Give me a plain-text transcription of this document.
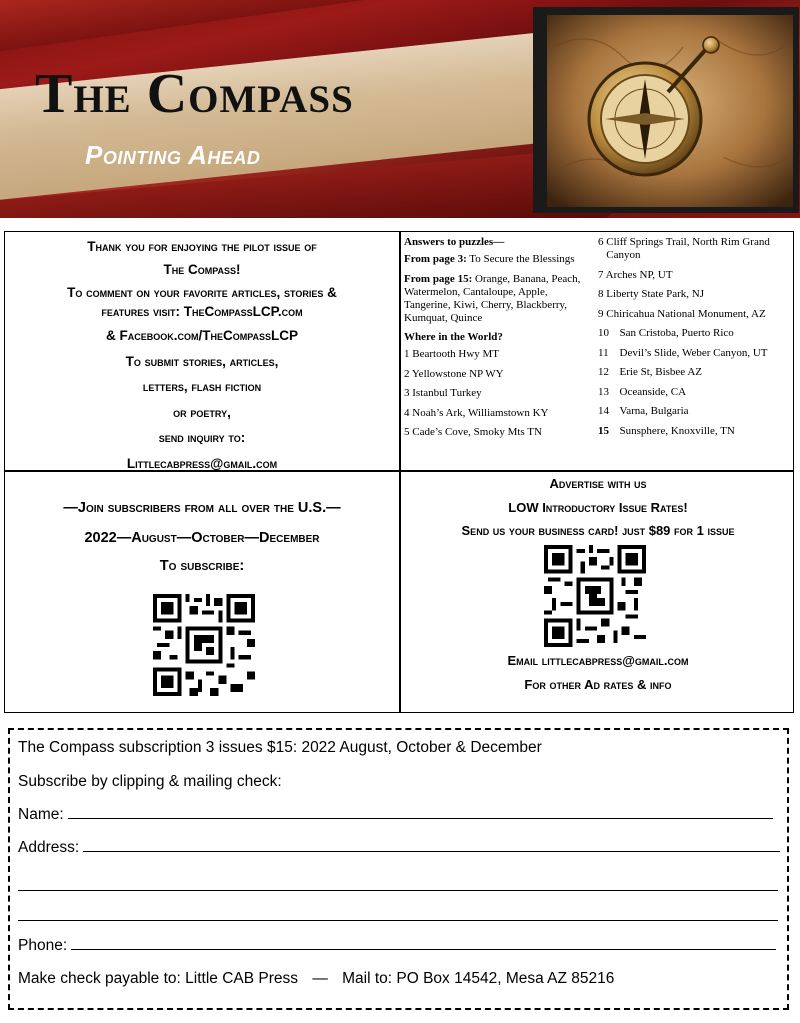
The Compass
Pointing Ahead

Thank you for enjoying the pilot issue of

The Compass!

To comment on your favorite articles, stories &

features visit: TheCompassLCP.com

& Facebook.com/TheCompassLCP

To submit stories, articles,

letters, flash fiction

or poetry,

send inquiry to:

Littlecabpress@gmail.com

Answers to puzzles—
From page 3: To Secure the Blessings
From page 15: Orange, Banana, Peach, Watermelon, Cantaloupe, Apple, Tangerine, Kiwi, Cherry, Blackberry, Kumquat, Quince
Where in the World?
1 Beartooth Hwy MT
2 Yellowstone NP WY
3 Istanbul Turkey
4 Noah’s Ark, Williamstown KY
5 Cade’s Cove, Smoky Mts TN
6 Cliff Springs Trail, North Rim Grand Canyon
7 Arches NP, UT
8 Liberty State Park, NJ
9 Chiricahua National Monument, AZ
10 San Cristoba, Puerto Rico
11 Devil’s Slide, Weber Canyon, UT
12 Erie St, Bisbee AZ
13 Oceanside, CA
14 Varna, Bulgaria
15 Sunsphere, Knoxville, TN

—Join subscribers from all over the U.S.—

2022—August—October—December

To subscribe:

Advertise with us

LOW Introductory Issue Rates!

Send us your business card! just $89 for 1 issue

Email littlecabpress@gmail.com
For other Ad rates & info
The Compass subscription 3 issues $15: 2022 August, October & December
Subscribe by clipping & mailing check:
Name:
Address:
Phone:
Make check payable to: Little CAB Press — Mail to: PO Box 14542, Mesa AZ 85216
